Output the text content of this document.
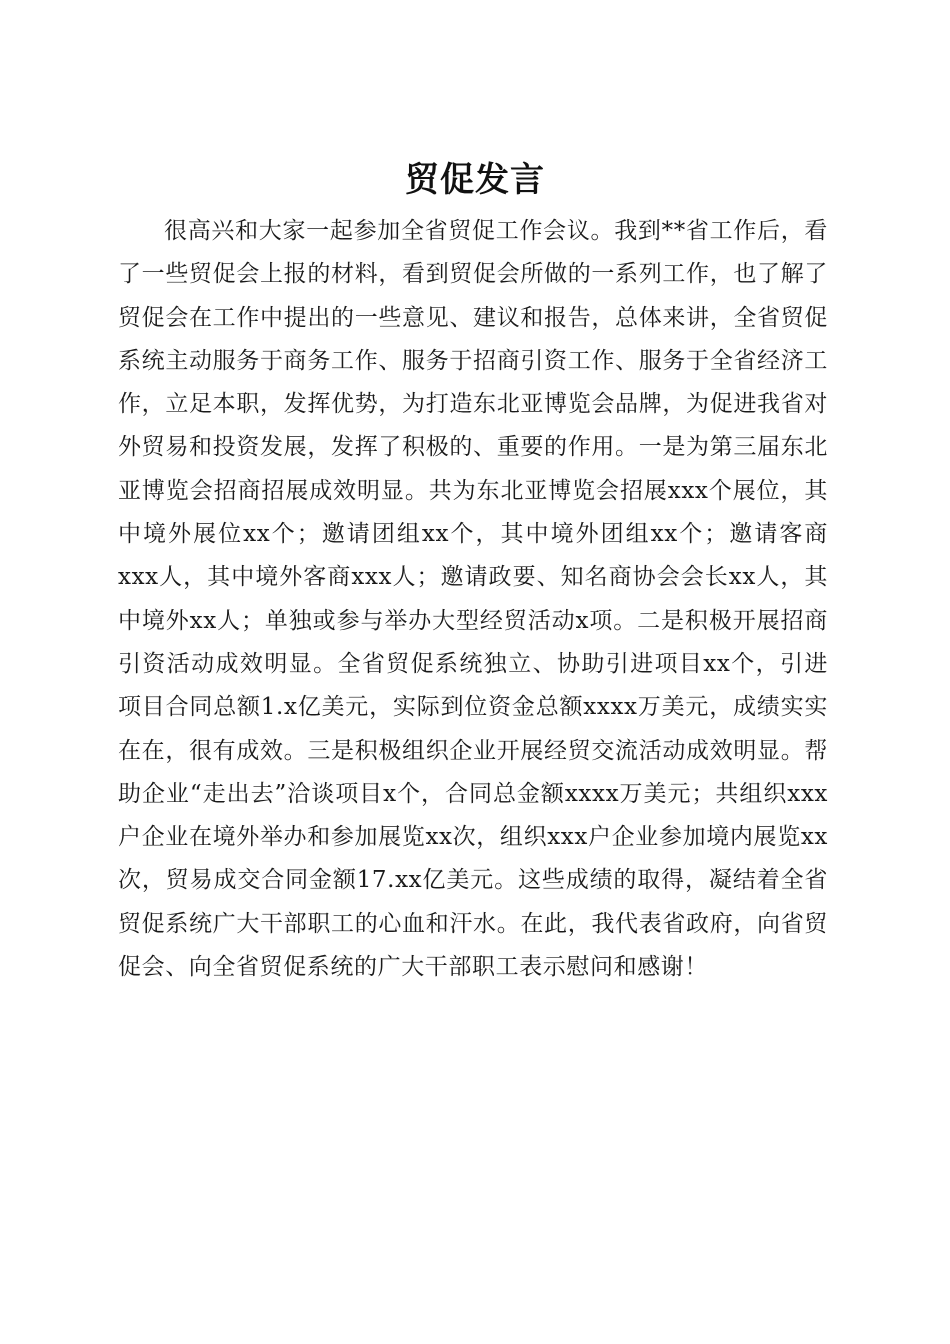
贸促发言

很高兴和大家一起参加全省贸促工作会议。我到**省工作后，看了一些贸促会上报的材料，看到贸促会所做的一系列工作，也了解了贸促会在工作中提出的一些意见、建议和报告，总体来讲，全省贸促系统主动服务于商务工作、服务于招商引资工作、服务于全省经济工作，立足本职，发挥优势，为打造东北亚博览会品牌，为促进我省对外贸易和投资发展，发挥了积极的、重要的作用。一是为第三届东北亚博览会招商招展成效明显。共为东北亚博览会招展xxx个展位，其中境外展位xx个；邀请团组xx个，其中境外团组xx个；邀请客商xxx人，其中境外客商xxx人；邀请政要、知名商协会会长xx人，其中境外xx人；单独或参与举办大型经贸活动x项。二是积极开展招商引资活动成效明显。全省贸促系统独立、协助引进项目xx个，引进项目合同总额1.x亿美元，实际到位资金总额xxxx万美元，成绩实实在在，很有成效。三是积极组织企业开展经贸交流活动成效明显。帮助企业“走出去”洽谈项目x个，合同总金额xxxx万美元；共组织xxx户企业在境外举办和参加展览xx次，组织xxx户企业参加境内展览xx次，贸易成交合同金额17.xx亿美元。这些成绩的取得，凝结着全省贸促系统广大干部职工的心血和汗水。在此，我代表省政府，向省贸促会、向全省贸促系统的广大干部职工表示慰问和感谢！
